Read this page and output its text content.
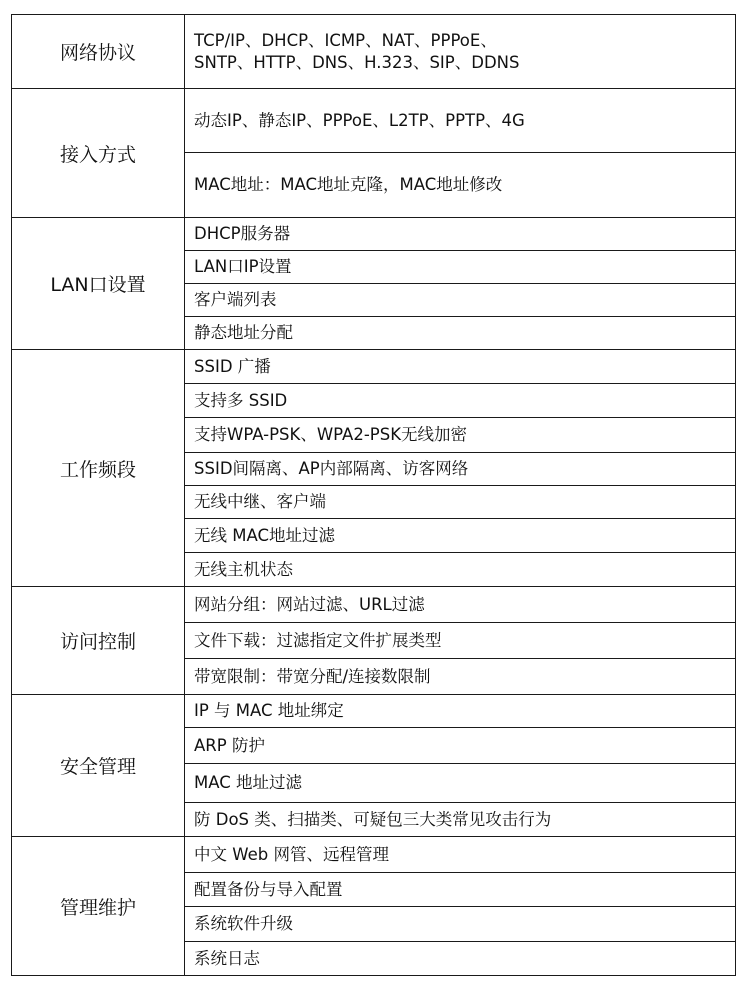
网络协议	TCP/IP、DHCP、ICMP、NAT、PPPoE、
SNTP、HTTP、DNS、H.323、SIP、DDNS

接入方式	动态IP、静态IP、PPPoE、L2TP、PPTP、4G
	MAC地址：MAC地址克隆，MAC地址修改
LAN口设置	DHCP服务器
	LAN口IP设置
	客户端列表
	静态地址分配
工作频段	SSID 广播
	支持多 SSID
	支持WPA-PSK、WPA2-PSK无线加密
	SSID间隔离、AP内部隔离、访客网络
	无线中继、客户端
	无线 MAC地址过滤
	无线主机状态
访问控制	网站分组：网站过滤、URL过滤
	文件下载：过滤指定文件扩展类型
	带宽限制：带宽分配/连接数限制
安全管理	IP 与 MAC 地址绑定
	ARP 防护
	MAC 地址过滤
	防 DoS 类、扫描类、可疑包三大类常见攻击行为
管理维护	中文 Web 网管、远程管理
	配置备份与导入配置
	系统软件升级
	系统日志
